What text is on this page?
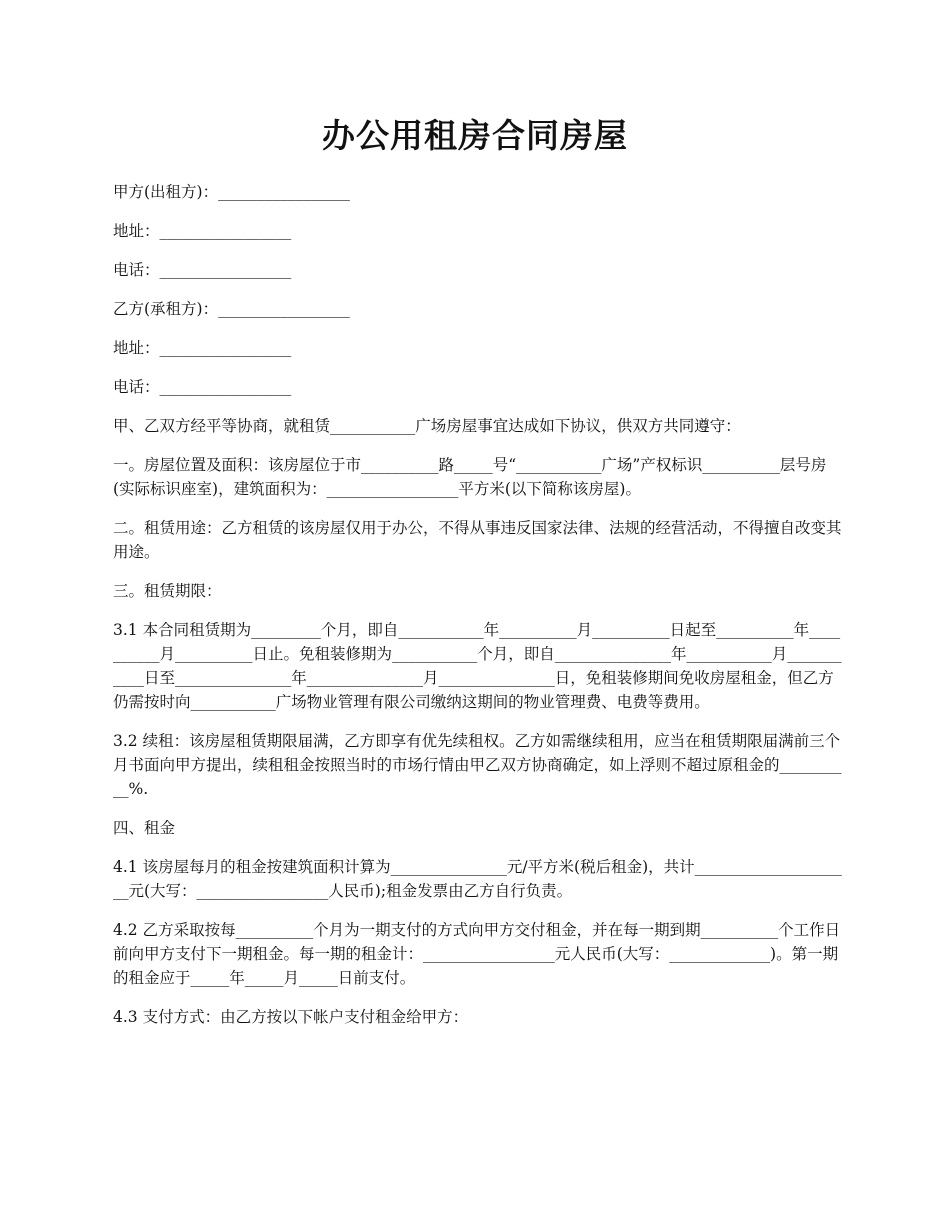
办公用租房合同房屋

甲方(出租方)：_________________

地址：_________________

电话：_________________

乙方(承租方)：_________________

地址：_________________

电话：_________________

甲、乙双方经平等协商，就租赁___________广场房屋事宜达成如下协议，供双方共同遵守：

一。房屋位置及面积：该房屋位于市__________路_____号“___________广场”产权标识__________层号房(实际标识座室)，建筑面积为：_________________平方米(以下简称该房屋)。

二。租赁用途：乙方租赁的该房屋仅用于办公，不得从事违反国家法律、法规的经营活动，不得擅自改变其用途。

三。租赁期限：

3.1 本合同租赁期为_________个月，即自___________年__________月__________日起至__________年__________月__________日止。免租装修期为___________个月，即自_______________年___________月___________日至_______________年_______________月_______________日，免租装修期间免收房屋租金，但乙方仍需按时向___________广场物业管理有限公司缴纳这期间的物业管理费、电费等费用。

3.2 续租：该房屋租赁期限届满，乙方即享有优先续租权。乙方如需继续租用，应当在租赁期限届满前三个月书面向甲方提出，续租租金按照当时的市场行情由甲乙双方协商确定，如上浮则不超过原租金的__________%.

四、租金

4.1 该房屋每月的租金按建筑面积计算为_______________元/平方米(税后租金)，共计_____________________元(大写：_________________人民币);租金发票由乙方自行负责。

4.2 乙方采取按每__________个月为一期支付的方式向甲方交付租金，并在每一期到期__________个工作日前向甲方支付下一期租金。每一期的租金计：_________________元人民币(大写：_____________)。第一期的租金应于_____年_____月_____日前支付。

4.3 支付方式：由乙方按以下帐户支付租金给甲方：
